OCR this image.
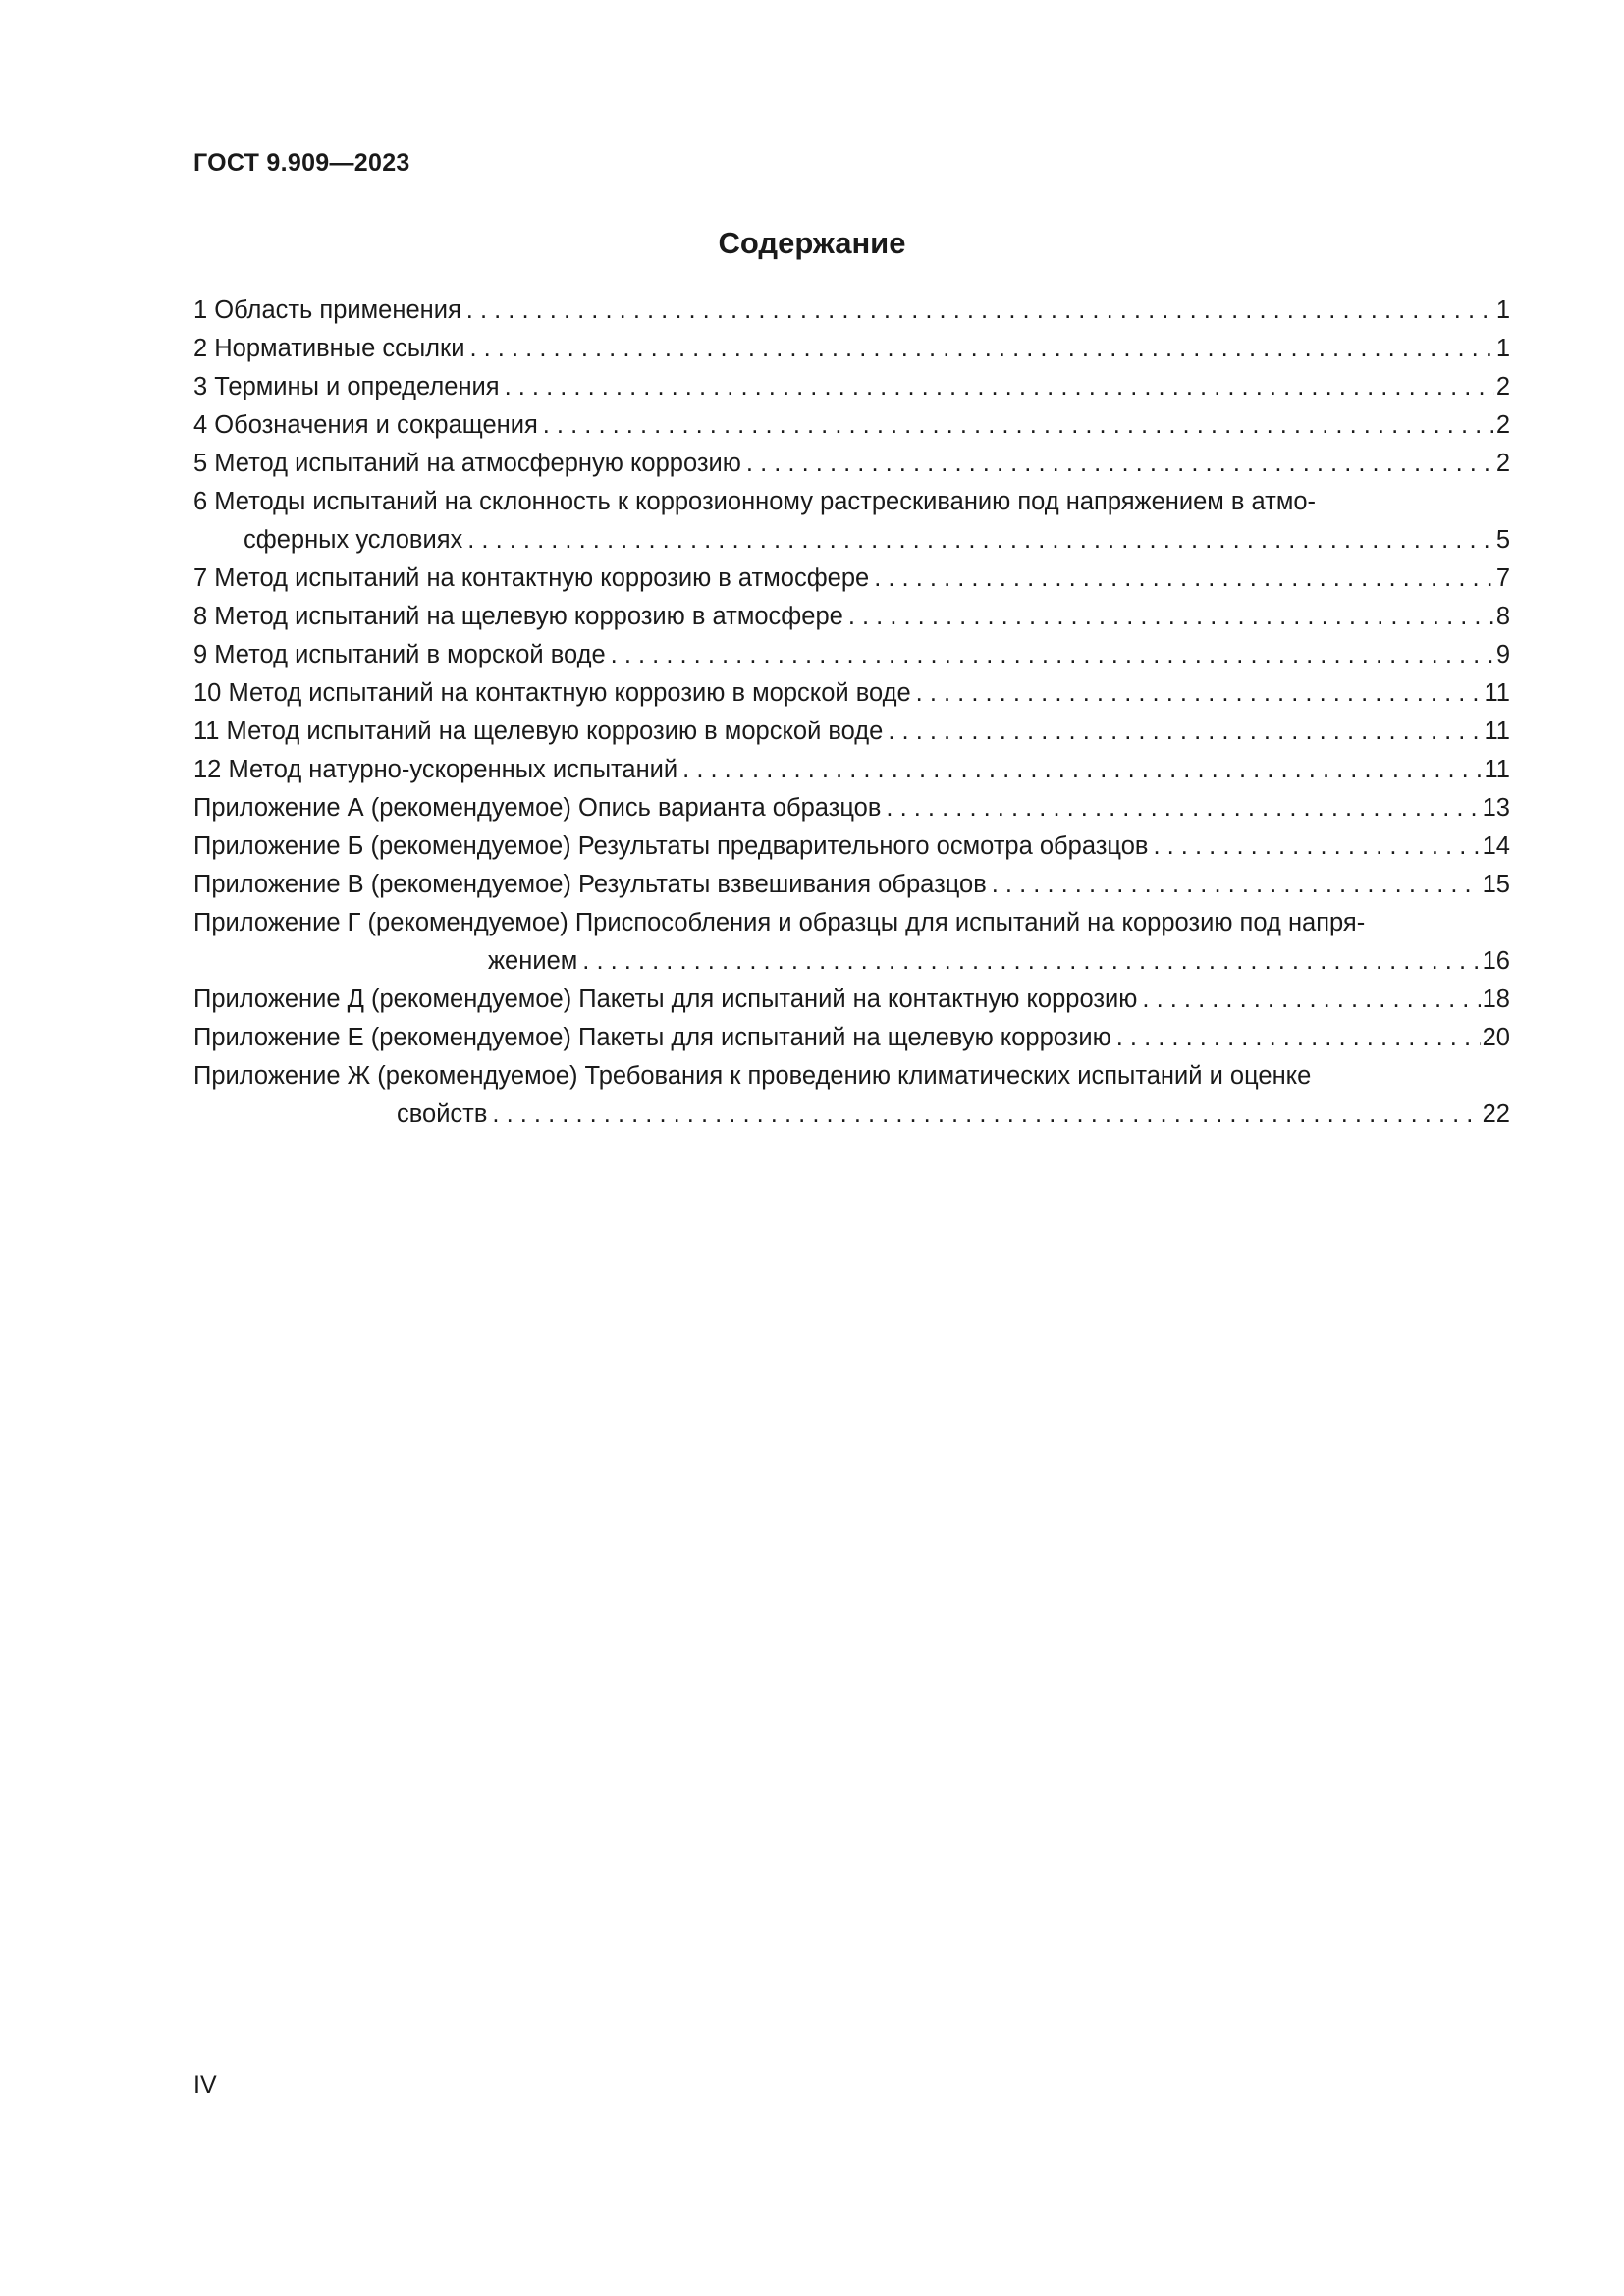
ГОСТ 9.909—2023
Содержание
1 Область применения . . .	1
2 Нормативные ссылки . . .	1
3 Термины и определения . . .	2
4 Обозначения и сокращения . . .	2
5 Метод испытаний на атмосферную коррозию . . .	2
6 Методы испытаний на склонность к коррозионному растрескиванию под напряжением в атмо-
сферных условиях . . .	5
7 Метод испытаний на контактную коррозию в атмосфере . . .	7
8 Метод испытаний на щелевую коррозию в атмосфере . . .	8
9 Метод испытаний в морской воде . . .	9
10 Метод испытаний на контактную коррозию в морской воде . . .	11
11 Метод испытаний на щелевую коррозию в морской воде . . .	11
12 Метод натурно-ускоренных испытаний . . .	11
Приложение А (рекомендуемое) Опись варианта образцов . . .	13
Приложение Б (рекомендуемое) Результаты предварительного осмотра образцов . . .	14
Приложение В (рекомендуемое) Результаты взвешивания образцов . . .	15
Приложение Г (рекомендуемое) Приспособления и образцы для испытаний на коррозию под напря-
жением . . .	16
Приложение Д (рекомендуемое) Пакеты для испытаний на контактную коррозию . . .	18
Приложение Е (рекомендуемое) Пакеты для испытаний на щелевую коррозию . . .	20
Приложение Ж (рекомендуемое) Требования к проведению климатических испытаний и оценке
свойств . . .	22
IV
